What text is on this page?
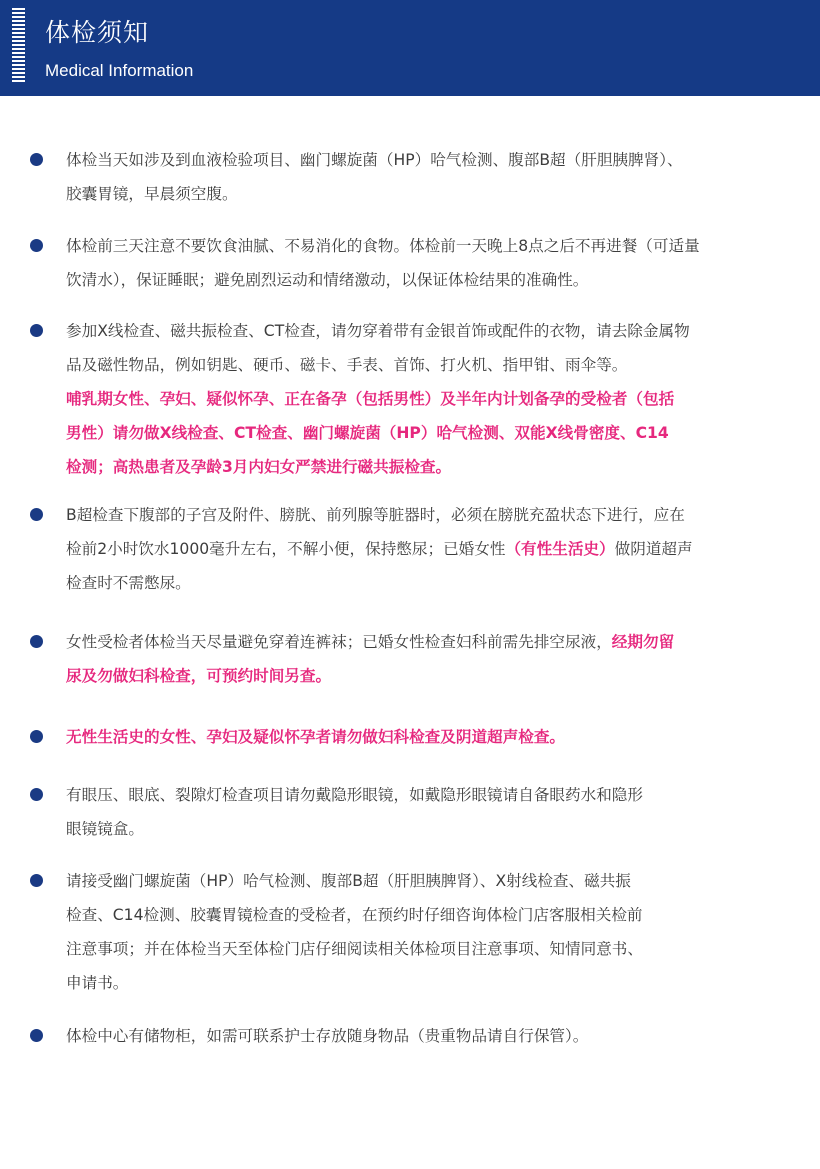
体检须知
Medical Information
体检当天如涉及到血液检验项目、幽门螺旋菌（HP）哈气检测、腹部B超（肝胆胰脾肾）、
胶囊胃镜，早晨须空腹。
体检前三天注意不要饮食油腻、不易消化的食物。体检前一天晚上8点之后不再进餐（可适量
饮清水），保证睡眠；避免剧烈运动和情绪激动，以保证体检结果的准确性。
参加X线检查、磁共振检查、CT检查，请勿穿着带有金银首饰或配件的衣物，请去除金属物
品及磁性物品，例如钥匙、硬币、磁卡、手表、首饰、打火机、指甲钳、雨伞等。
哺乳期女性、孕妇、疑似怀孕、正在备孕（包括男性）及半年内计划备孕的受检者（包括
男性）请勿做X线检查、CT检查、幽门螺旋菌（HP）哈气检测、双能X线骨密度、C14
检测；高热患者及孕龄3月内妇女严禁进行磁共振检查。
B超检查下腹部的子宫及附件、膀胱、前列腺等脏器时，必须在膀胱充盈状态下进行，应在
检前2小时饮水1000毫升左右，不解小便，保持憋尿；已婚女性（有性生活史）做阴道超声
检查时不需憋尿。
女性受检者体检当天尽量避免穿着连裤袜；已婚女性检查妇科前需先排空尿液，经期勿留
尿及勿做妇科检查，可预约时间另查。
无性生活史的女性、孕妇及疑似怀孕者请勿做妇科检查及阴道超声检查。
有眼压、眼底、裂隙灯检查项目请勿戴隐形眼镜，如戴隐形眼镜请自备眼药水和隐形
眼镜镜盒。
请接受幽门螺旋菌（HP）哈气检测、腹部B超（肝胆胰脾肾）、X射线检查、磁共振
检查、C14检测、胶囊胃镜检查的受检者，在预约时仔细咨询体检门店客服相关检前
注意事项；并在体检当天至体检门店仔细阅读相关体检项目注意事项、知情同意书、
申请书。
体检中心有储物柜，如需可联系护士存放随身物品（贵重物品请自行保管）。
